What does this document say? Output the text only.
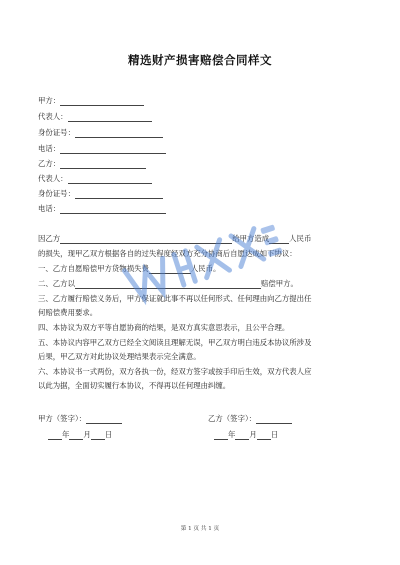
精选财产损害赔偿合同样文
甲方：
代表人：
身份证号：
电话：
乙方：
代表人：
身份证号：
电话：
因乙方	给甲方造成	人民币
的损失，现甲乙双方根据各自的过失程度经双方充分协商后自愿达成如下协议：
一、乙方自愿赔偿甲方货物损失费	人民币。
二、乙方以	赔偿甲方。
三、乙方履行赔偿义务后，甲方保证就此事不再以任何形式、任何理由向乙方提出任
何赔偿费用要求。
四、本协议为双方平等自愿协商的结果，是双方真实意思表示，且公平合理。
五、本协议内容甲乙双方已经全文阅读且理解无误，甲乙双方明白违反本协议所涉及
后果，甲乙双方对此协议处理结果表示完全满意。
六、本协议书一式两份，双方各执一份，经双方签字或按手印后生效，双方代表人应
以此为据，全面切实履行本协议，不得再以任何理由纠缠。
甲方（签字）：	乙方（签字）：
年 月 日	年 月 日
第 1 页 共 1 页
